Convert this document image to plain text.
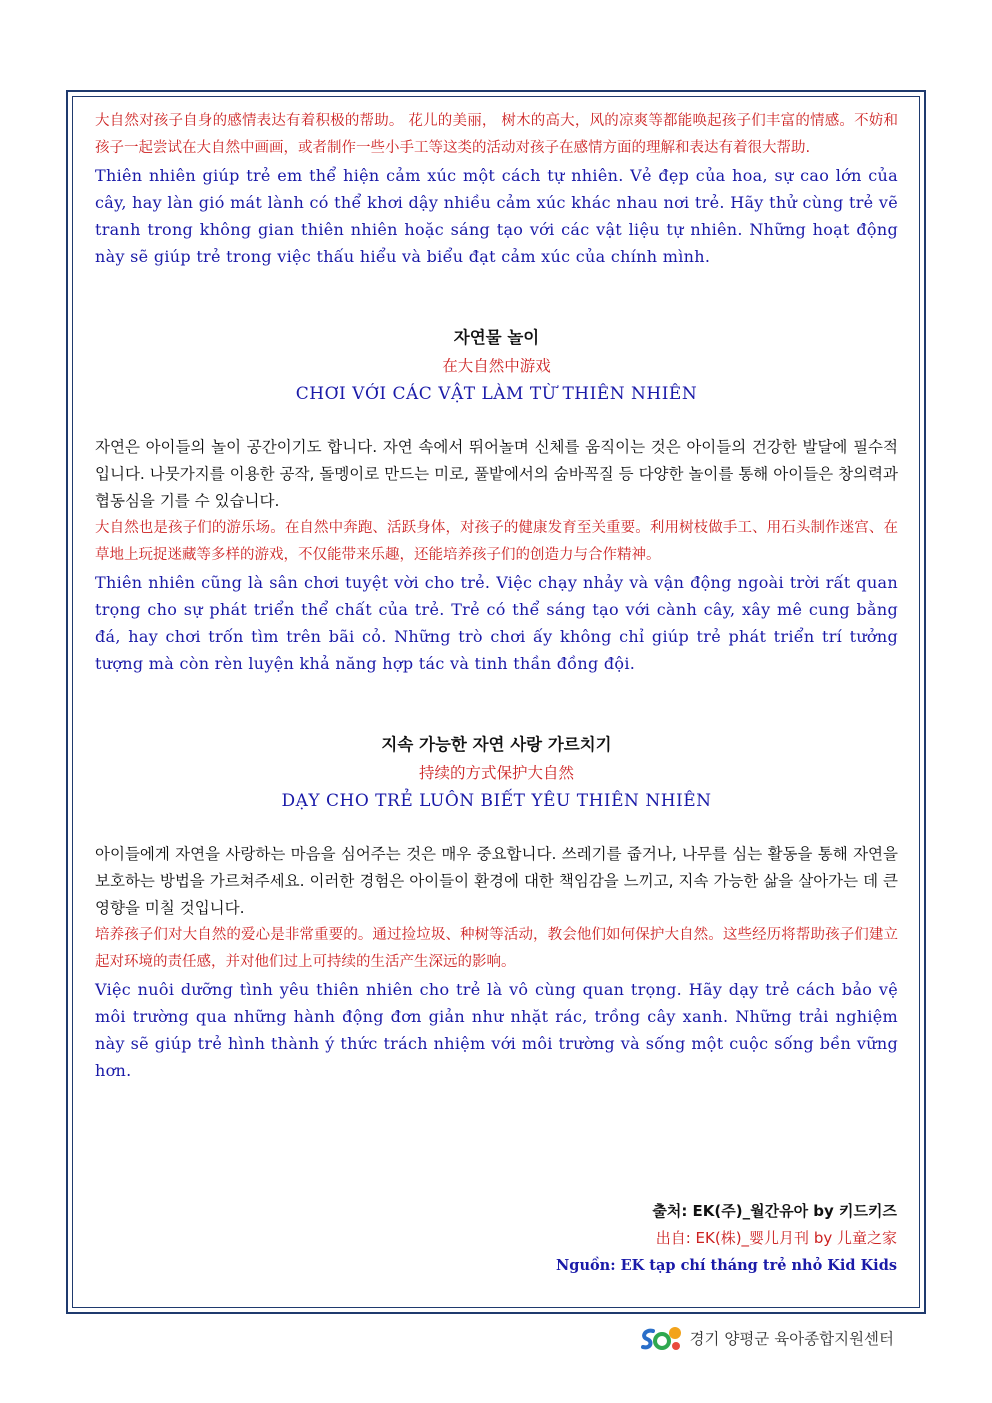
大自然对孩子自身的感情表达有着积极的帮助。 花儿的美丽， 树木的高大，风的凉爽等都能唤起孩子们丰富的情感。不妨和孩子一起尝试在大自然中画画，或者制作一些小手工等这类的活动对孩子在感情方面的理解和表达有着很大帮助.

Thiên nhiên giúp trẻ em thể hiện cảm xúc một cách tự nhiên. Vẻ đẹp của hoa, sự cao lớn của cây, hay làn gió mát lành có thể khơi dậy nhiều cảm xúc khác nhau nơi trẻ. Hãy thử cùng trẻ vẽ tranh trong không gian thiên nhiên hoặc sáng tạo với các vật liệu tự nhiên. Những hoạt động này sẽ giúp trẻ trong việc thấu hiểu và biểu đạt cảm xúc của chính mình.

자연물 놀이
在大自然中游戏
CHƠI VỚI CÁC VẬT LÀM TỪ THIÊN NHIÊN

자연은 아이들의 놀이 공간이기도 합니다. 자연 속에서 뛰어놀며 신체를 움직이는 것은 아이들의 건강한 발달에 필수적입니다. 나뭇가지를 이용한 공작, 돌멩이로 만드는 미로, 풀밭에서의 숨바꼭질 등 다양한 놀이를 통해 아이들은 창의력과 협동심을 기를 수 있습니다.

大自然也是孩子们的游乐场。在自然中奔跑、活跃身体，对孩子的健康发育至关重要。利用树枝做手工、用石头制作迷宫、在草地上玩捉迷藏等多样的游戏，不仅能带来乐趣，还能培养孩子们的创造力与合作精神。

Thiên nhiên cũng là sân chơi tuyệt vời cho trẻ. Việc chạy nhảy và vận động ngoài trời rất quan trọng cho sự phát triển thể chất của trẻ. Trẻ có thể sáng tạo với cành cây, xây mê cung bằng đá, hay chơi trốn tìm trên bãi cỏ. Những trò chơi ấy không chỉ giúp trẻ phát triển trí tưởng tượng mà còn rèn luyện khả năng hợp tác và tinh thần đồng đội.

지속 가능한 자연 사랑 가르치기
持续的方式保护大自然
DẠY CHO TRẺ LUÔN BIẾT YÊU THIÊN NHIÊN

아이들에게 자연을 사랑하는 마음을 심어주는 것은 매우 중요합니다. 쓰레기를 줍거나, 나무를 심는 활동을 통해 자연을 보호하는 방법을 가르쳐주세요. 이러한 경험은 아이들이 환경에 대한 책임감을 느끼고, 지속 가능한 삶을 살아가는 데 큰 영향을 미칠 것입니다.

培养孩子们对大自然的爱心是非常重要的。通过捡垃圾、种树等活动，教会他们如何保护大自然。这些经历将帮助孩子们建立起对环境的责任感，并对他们过上可持续的生活产生深远的影响。

Việc nuôi dưỡng tình yêu thiên nhiên cho trẻ là vô cùng quan trọng. Hãy dạy trẻ cách bảo vệ môi trường qua những hành động đơn giản như nhặt rác, trồng cây xanh. Những trải nghiệm này sẽ giúp trẻ hình thành ý thức trách nhiệm với môi trường và sống một cuộc sống bền vững hơn.

출처: EK(주)_월간유아 by 키드키즈
出自: EK(株)_婴儿月刊 by 儿童之家
Nguồn: EK tạp chí tháng trẻ nhỏ Kid Kids
경기 양평군 육아종합지원센터
